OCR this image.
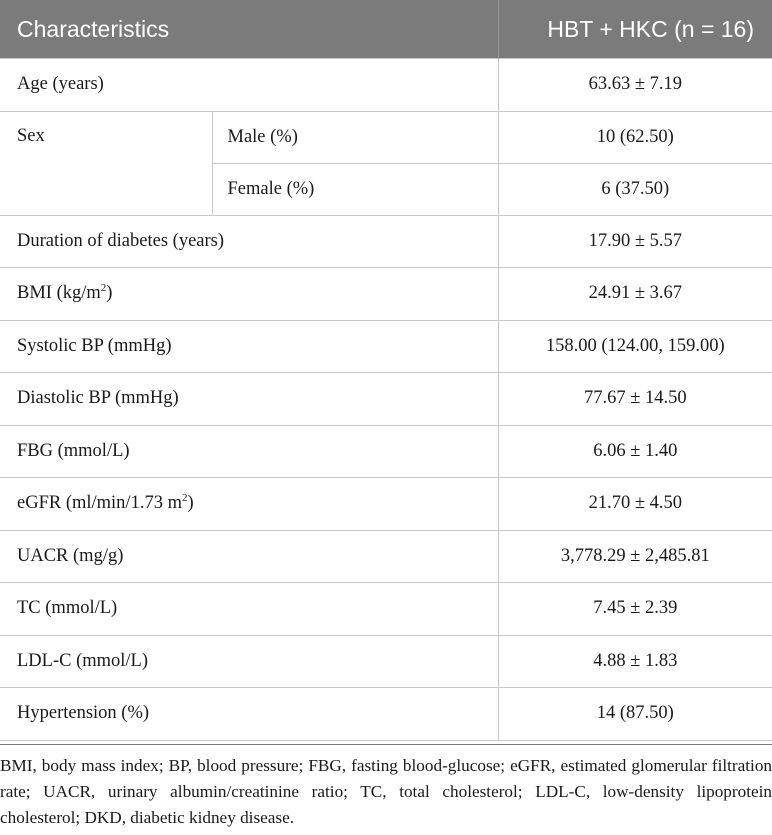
Characteristics		HBT + HKC (n = 16)
Age (years)		63.63 ± 7.19
Sex	Male (%)	10 (62.50)
	Female (%)	6 (37.50)
Duration of diabetes (years)		17.90 ± 5.57
BMI $(kg/m^2)$		24.91 ± 3.67
Systolic BP (mmHg)		158.00 (124.00, 159.00)
Diastolic BP (mmHg)		77.67 ± 14.50
FBG (mmol/L)		6.06 ± 1.40
eGFR (ml/min/1.73 $m^2$)		21.70 ± 4.50
UACR (mg/g)		3,778.29 ± 2,485.81
TC (mmol/L)		7.45 ± 2.39
LDL-C (mmol/L)		4.88 ± 1.83
Hypertension (%)		14 (87.50)
BMI, body mass index; BP, blood pressure; FBG, fasting blood-glucose; eGFR, estimated glomerular filtration rate; UACR, urinary albumin/creatinine ratio; TC, total cholesterol; LDL-C, low-density lipoprotein cholesterol; DKD, diabetic kidney disease.
